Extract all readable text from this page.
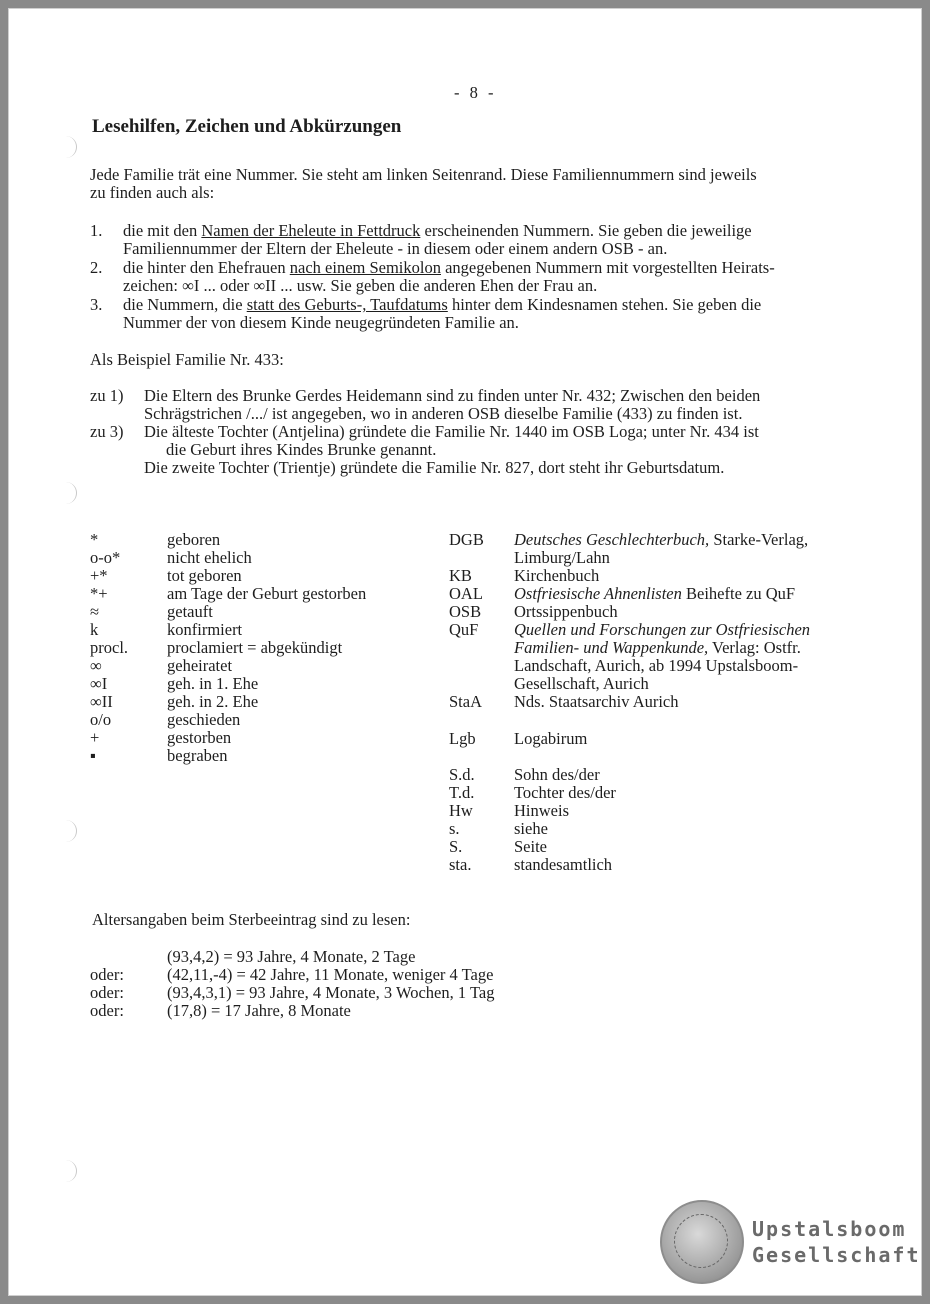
- 8 -
Lesehilfen, Zeichen und Abkürzungen
Jede Familie trät eine Nummer. Sie steht am linken Seitenrand. Diese Familiennummern sind jeweils
zu finden auch als:
1. die mit den Namen der Eheleute in Fettdruck erscheinenden Nummern. Sie geben die jeweilige
Familiennummer der Eltern der Eheleute - in diesem oder einem andern OSB - an.
2. die hinter den Ehefrauen nach einem Semikolon angegebenen Nummern mit vorgestellten Heirats-
zeichen: ∞I ... oder ∞II ... usw. Sie geben die anderen Ehen der Frau an.
3. die Nummern, die statt des Geburts-, Taufdatums hinter dem Kindesnamen stehen. Sie geben die
Nummer der von diesem Kinde neugegründeten Familie an.
Als Beispiel Familie Nr. 433:
zu 1) Die Eltern des Brunke Gerdes Heidemann sind zu finden unter Nr. 432; Zwischen den beiden
Schrägstrichen /.../ ist angegeben, wo in anderen OSB dieselbe Familie (433) zu finden ist.
zu 3) Die älteste Tochter (Antjelina) gründete die Familie Nr. 1440 im OSB Loga; unter Nr. 434 ist
die Geburt ihres Kindes Brunke genannt.
Die zweite Tochter (Trientje) gründete die Familie Nr. 827, dort steht ihr Geburtsdatum.
*	geboren
o-o*	nicht ehelich
+*	tot geboren
*+	am Tage der Geburt gestorben
≈	getauft
k	konfirmiert
procl. proclamiert = abgekündigt
∞	geheiratet
∞I	geh. in 1. Ehe
∞II	geh. in 2. Ehe
o/o	geschieden
+	gestorben
▪	begraben
DGB Deutsches Geschlechterbuch, Starke-Verlag,
Limburg/Lahn
KB	Kirchenbuch
OAL Ostfriesische Ahnenlisten Beihefte zu QuF
OSB Ortssippenbuch
QuF Quellen und Forschungen zur Ostfriesischen
Familien- und Wappenkunde, Verlag: Ostfr.
Landschaft, Aurich, ab 1994 Upstalsboom-
Gesellschaft, Aurich
StaA Nds. Staatsarchiv Aurich
Lgb Logabirum
S.d. Sohn des/der
T.d. Tochter des/der
Hw Hinweis
s.	siehe
S.	Seite
sta.	standesamtlich
Altersangaben beim Sterbeeintrag sind zu lesen:
(93,4,2) = 93 Jahre, 4 Monate, 2 Tage
oder:	(42,11,-4) = 42 Jahre, 11 Monate, weniger 4 Tage
oder:	(93,4,3,1) = 93 Jahre, 4 Monate, 3 Wochen, 1 Tag
oder:	(17,8) = 17 Jahre, 8 Monate
Upstalsboom
Gesellschaft
